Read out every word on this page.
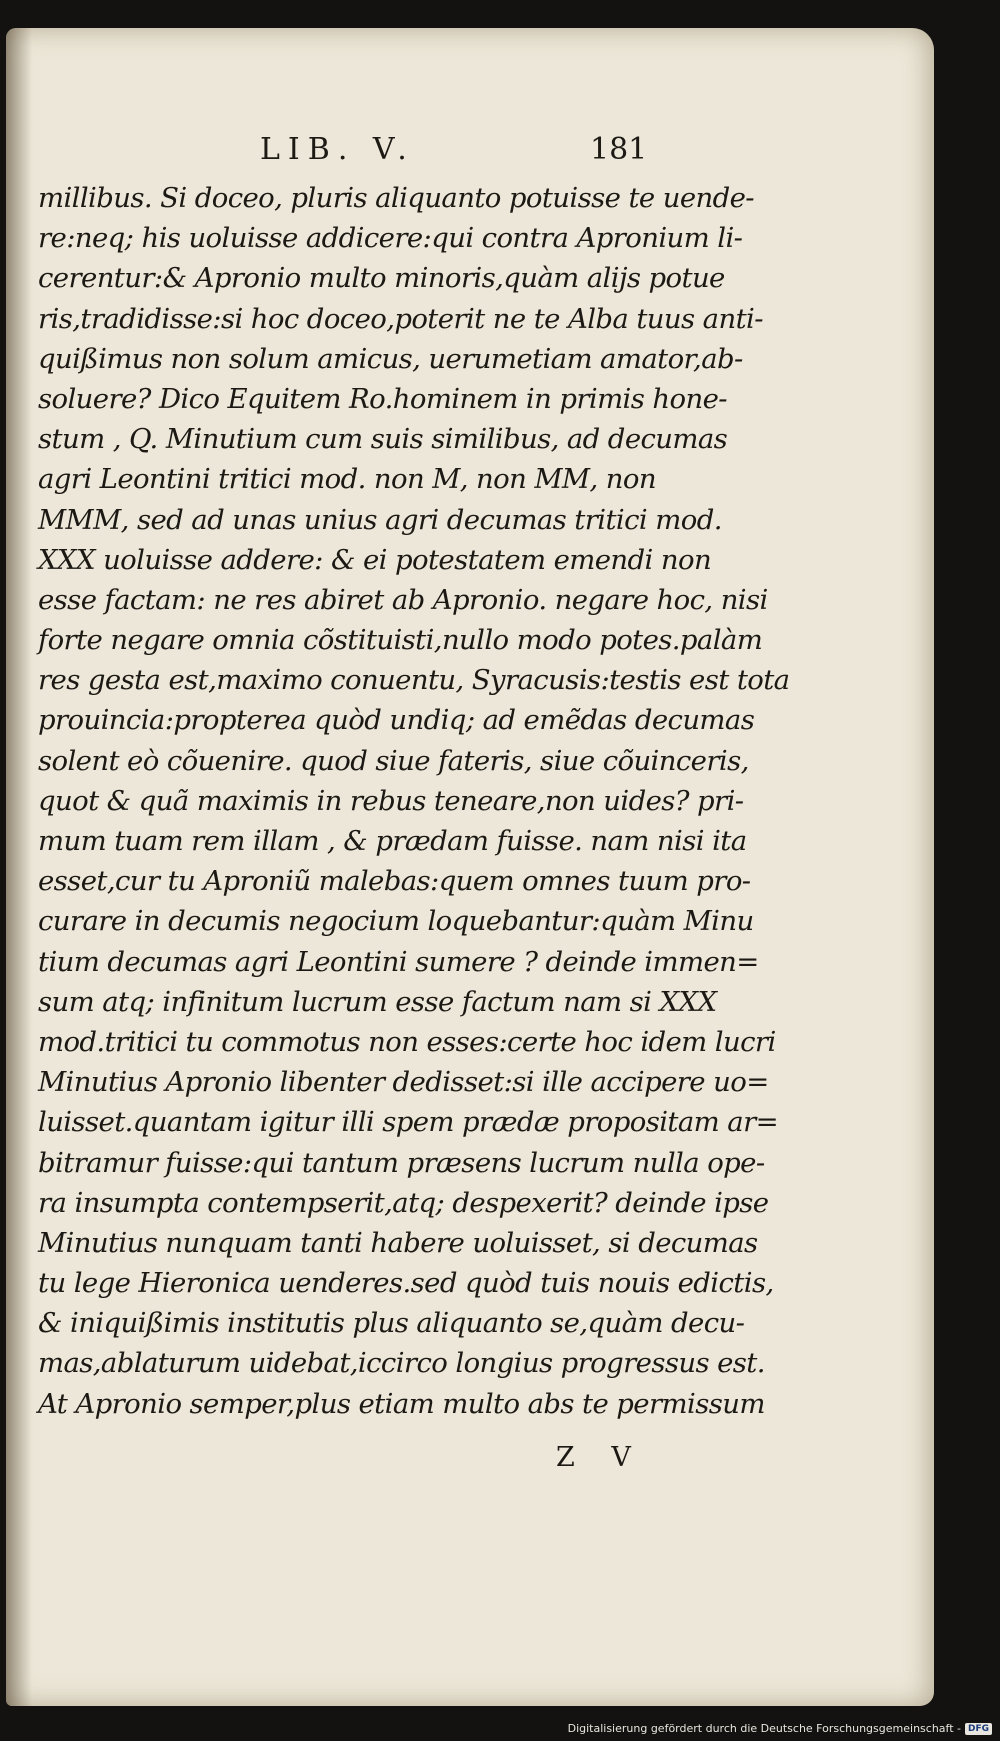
LIB. V.	181
millibus. Si doceo, pluris aliquanto potuisse te uende-
re:neq; his uoluisse addicere:qui contra Apronium li-
cerentur:& Apronio multo minoris,quàm alijs potue
ris,tradidisse:si hoc doceo,poterit ne te Alba tuus anti-
quißimus non solum amicus, uerumetiam amator,ab-
soluere? Dico Equitem Ro.hominem in primis hone-
stum , Q. Minutium cum suis similibus, ad decumas
agri Leontini tritici mod. non M, non MM, non
MMM, sed ad unas unius agri decumas tritici mod.
XXX uoluisse addere: & ei potestatem emendi non
esse factam: ne res abiret ab Apronio. negare hoc, nisi
forte negare omnia cõstituisti,nullo modo potes.palàm
res gesta est,maximo conuentu, Syracusis:testis est tota
prouincia:propterea quòd undiq; ad emẽdas decumas
solent eò cõuenire. quod siue fateris, siue cõuinceris,
quot & quã maximis in rebus teneare,non uides? pri-
mum tuam rem illam , & prædam fuisse. nam nisi ita
esset,cur tu Aproniũ malebas:quem omnes tuum pro-
curare in decumis negocium loquebantur:quàm Minu
tium decumas agri Leontini sumere ? deinde immen=
sum atq; infinitum lucrum esse factum nam si XXX
mod.tritici tu commotus non esses:certe hoc idem lucri
Minutius Apronio libenter dedisset:si ille accipere uo=
luisset.quantam igitur illi spem prædæ propositam ar=
bitramur fuisse:qui tantum præsens lucrum nulla ope-
ra insumpta contempserit,atq; despexerit? deinde ipse
Minutius nunquam tanti habere uoluisset, si decumas
tu lege Hieronica uenderes.sed quòd tuis nouis edictis,
& iniquißimis institutis plus aliquanto se,quàm decu-
mas,ablaturum uidebat,iccirco longius progressus est.
At Apronio semper,plus etiam multo abs te permissum
Z V
Digitalisierung gefördert durch die Deutsche Forschungsgemeinschaft - DFG
